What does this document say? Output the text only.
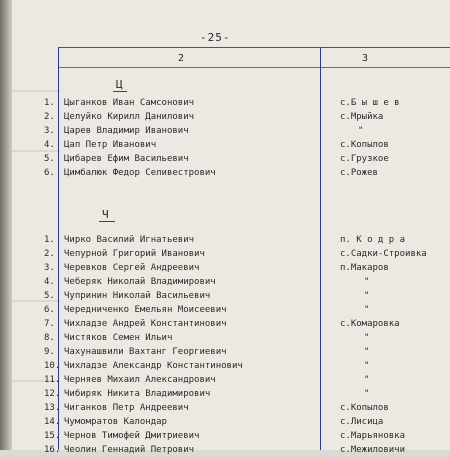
-25-
2	3
Ц
1.	Цыганков Иван Самсонович	с.Б ы ш е в
2.	Целуйко Кирилл Данилович	с.Мрыйка
3.	Царев Владимир Иванович	"
4.	Цап Петр Иванович	с.Копылов
5.	Цибарев Ефим Васильевич	с.Грузкое
6.	Цимбалюк Федор Селивестрович	с.Рожев
Ч
1.	Чирко Василий Игнатьевич	п. К о д р а
2.	Чепурной Григорий Иванович	с.Садки-Строивка
3.	Черевков Сергей Андреевич	п.Макаров
4.	Чеберяк Николай Владимирович	"
5.	Чупринин Николай Васильевич	"
6.	Чередниченко Емельян Моисеевич	"
7.	Чихладзе Андрей Константинович	с.Комаровка
8.	Чистяков Семен Ильич	"
9.	Чахунашвили Вахтанг Георгиевич	"
10. Чихладзе Александр Константинович	"
11. Черняев Михаил Александрович	"
12. Чибиряк Никита Владимирович	"
13. Чиганков Петр Андреевич	с.Копылов
14. Чумомратов Калондар	с.Лисица
15. Чернов Тимофей Дмитриевич	с.Марьяновка
16. Чеолин Геннадий Петрович	с.Межиловичи
